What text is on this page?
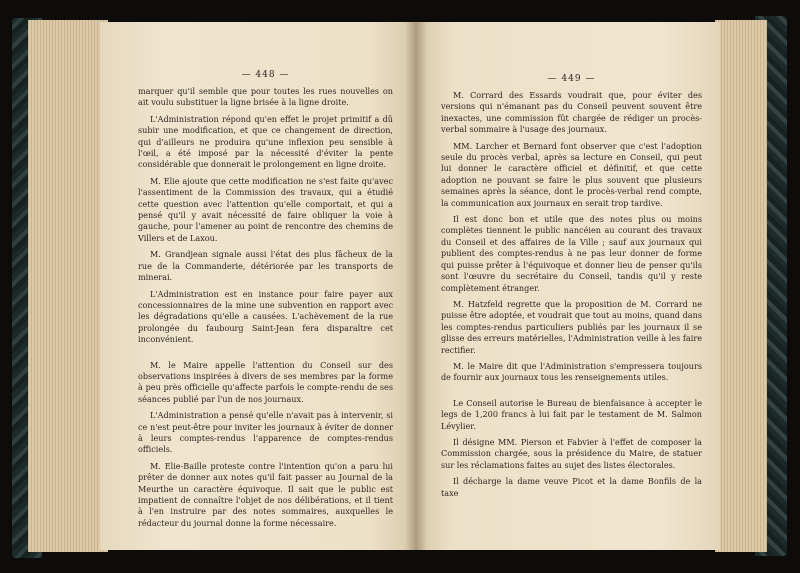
— 448 —

marquer qu'il semble que pour toutes les rues nouvelles on ait voulu substituer la ligne brisée à la ligne droite.

L'Administration répond qu'en effet le projet primitif a dû subir une modification, et que ce changement de direction, qui d'ailleurs ne produira qu'une inflexion peu sensible à l'œil, a été imposé par la nécessité d'éviter la pente considérable que donnerait le prolongement en ligne droite.

M. Elie ajoute que cette modification ne s'est faite qu'avec l'assentiment de la Commission des travaux, qui a étudié cette question avec l'attention qu'elle comportait, et qui a pensé qu'il y avait nécessité de faire obliquer la voie à gauche, pour l'amener au point de rencontre des chemins de Villers et de Laxou.

M. Grandjean signale aussi l'état des plus fâcheux de la rue de la Commanderie, détériorée par les transports de minerai.

L'Administration est en instance pour faire payer aux concessionnaires de la mine une subvention en rapport avec les dégradations qu'elle a causées. L'achèvement de la rue prolongée du faubourg Saint-Jean fera disparaître cet inconvénient.

M. le Maire appelle l'attention du Conseil sur des observations inspirées à divers de ses membres par la forme à peu près officielle qu'affecte parfois le compte-rendu de ses séances publié par l'un de nos journaux.

L'Administration a pensé qu'elle n'avait pas à intervenir, si ce n'est peut-être pour inviter les journaux à éviter de donner à leurs comptes-rendus l'apparence de comptes-rendus officiels.

M. Elie-Baille proteste contre l'intention qu'on a paru lui prêter de donner aux notes qu'il fait passer au Journal de la Meurthe un caractère équivoque. Il sait que le public est impatient de connaître l'objet de nos délibérations, et il tient à l'en instruire par des notes sommaires, auxquelles le rédacteur du journal donne la forme nécessaire.

— 449 —

M. Corrard des Essards voudrait que, pour éviter des versions qui n'émanant pas du Conseil peuvent souvent être inexactes, une commission fût chargée de rédiger un procès-verbal sommaire à l'usage des journaux.

MM. Larcher et Bernard font observer que c'est l'adoption seule du procès verbal, après sa lecture en Conseil, qui peut lui donner le caractère officiel et définitif, et que cette adoption ne pouvant se faire le plus souvent que plusieurs semaines après la séance, dont le procès-verbal rend compte, la communication aux journaux en serait trop tardive.

Il est donc bon et utile que des notes plus ou moins complètes tiennent le public nancéien au courant des travaux du Conseil et des affaires de la Ville ; sauf aux journaux qui publient des comptes-rendus à ne pas leur donner de forme qui puisse prêter à l'équivoque et donner lieu de penser qu'ils sont l'œuvre du secrétaire du Conseil, tandis qu'il y reste complètement étranger.

M. Hatzfeld regrette que la proposition de M. Corrard ne puisse être adoptée, et voudrait que tout au moins, quand dans les comptes-rendus particuliers publiés par les journaux il se glisse des erreurs matérielles, l'Administration veille à les faire rectifier.

M. le Maire dit que l'Administration s'empressera toujours de fournir aux journaux tous les renseignements utiles.

Le Conseil autorise le Bureau de bienfaisance à accepter le legs de 1,200 francs à lui fait par le testament de M. Salmon Lévylier.

Il désigne MM. Pierson et Fabvier à l'effet de composer la Commission chargée, sous la présidence du Maire, de statuer sur les réclamations faites au sujet des listes électorales.

Il décharge la dame veuve Picot et la dame Bonfils de la taxe
